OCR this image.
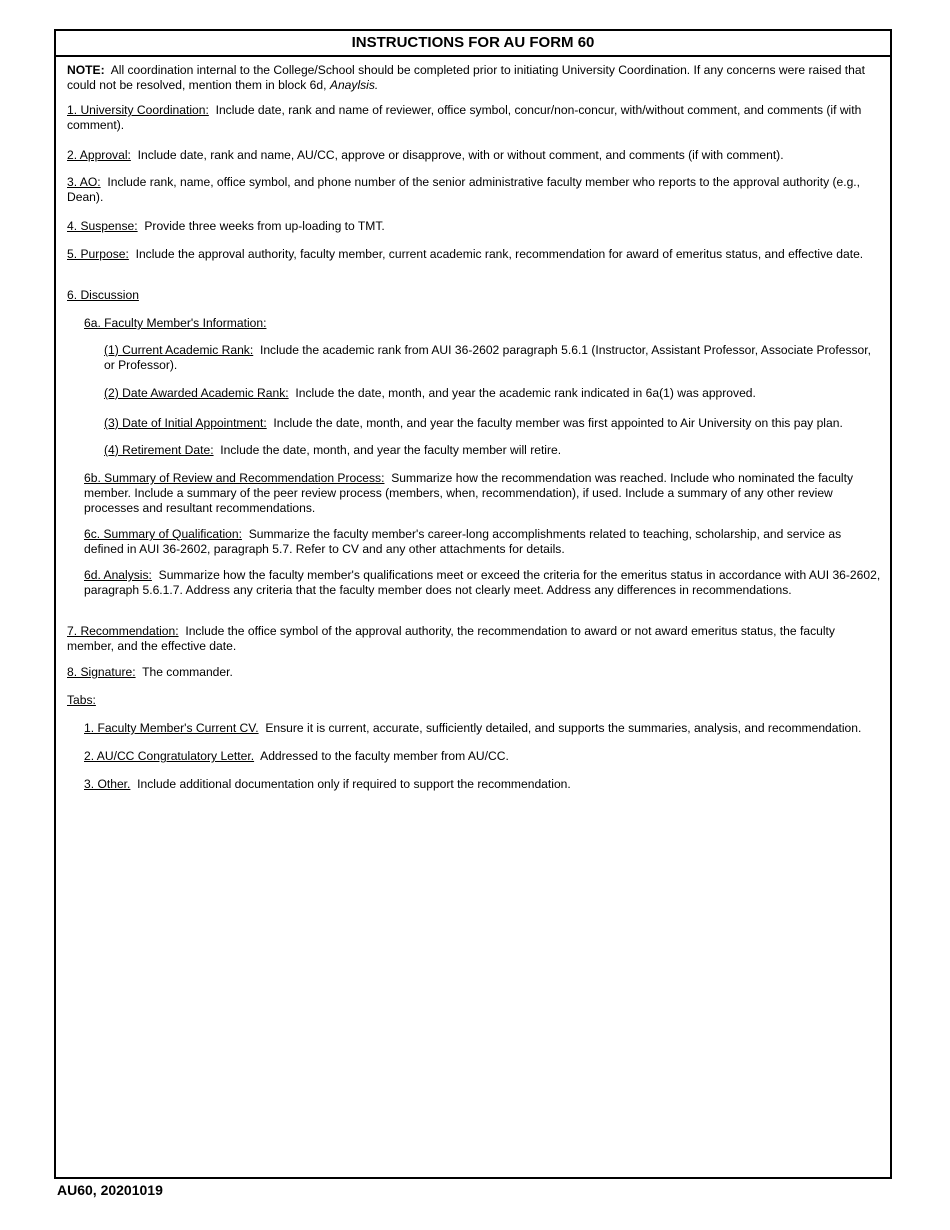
INSTRUCTIONS FOR AU FORM 60

NOTE: All coordination internal to the College/School should be completed prior to initiating University Coordination. If any concerns were raised that could not be resolved, mention them in block 6d, Anaylsis.

1. University Coordination: Include date, rank and name of reviewer, office symbol, concur/non-concur, with/without comment, and comments (if with comment).

2. Approval: Include date, rank and name, AU/CC, approve or disapprove, with or without comment, and comments (if with comment).

3. AO: Include rank, name, office symbol, and phone number of the senior administrative faculty member who reports to the approval authority (e.g., Dean).

4. Suspense: Provide three weeks from up-loading to TMT.

5. Purpose: Include the approval authority, faculty member, current academic rank, recommendation for award of emeritus status, and effective date.

6. Discussion

6a. Faculty Member's Information:

(1) Current Academic Rank: Include the academic rank from AUI 36-2602 paragraph 5.6.1 (Instructor, Assistant Professor, Associate Professor, or Professor).

(2) Date Awarded Academic Rank: Include the date, month, and year the academic rank indicated in 6a(1) was approved.

(3) Date of Initial Appointment: Include the date, month, and year the faculty member was first appointed to Air University on this pay plan.

(4) Retirement Date: Include the date, month, and year the faculty member will retire.

6b. Summary of Review and Recommendation Process: Summarize how the recommendation was reached. Include who nominated the faculty member. Include a summary of the peer review process (members, when, recommendation), if used. Include a summary of any other review processes and resultant recommendations.

6c. Summary of Qualification: Summarize the faculty member's career-long accomplishments related to teaching, scholarship, and service as defined in AUI 36-2602, paragraph 5.7. Refer to CV and any other attachments for details.

6d. Analysis: Summarize how the faculty member's qualifications meet or exceed the criteria for the emeritus status in accordance with AUI 36-2602, paragraph 5.6.1.7. Address any criteria that the faculty member does not clearly meet. Address any differences in recommendations.

7. Recommendation: Include the office symbol of the approval authority, the recommendation to award or not award emeritus status, the faculty member, and the effective date.

8. Signature: The commander.

Tabs:

1. Faculty Member's Current CV. Ensure it is current, accurate, sufficiently detailed, and supports the summaries, analysis, and recommendation.

2. AU/CC Congratulatory Letter. Addressed to the faculty member from AU/CC.

3. Other. Include additional documentation only if required to support the recommendation.

AU60, 20201019
